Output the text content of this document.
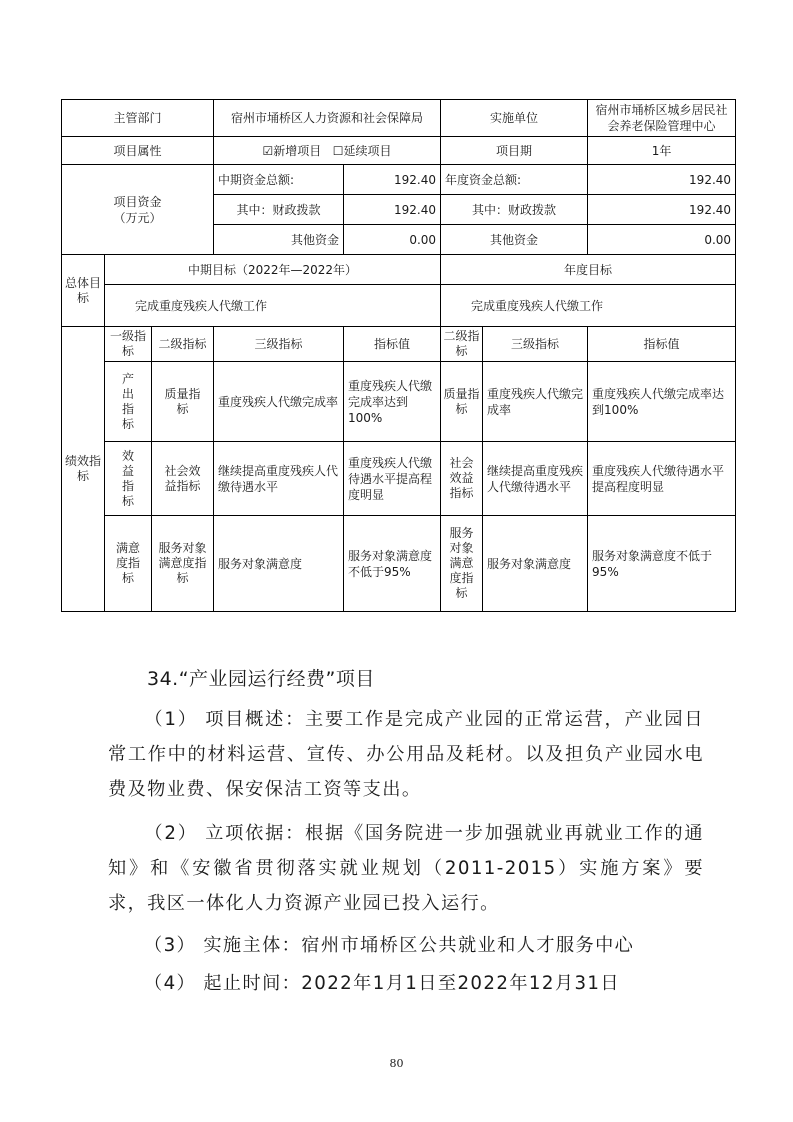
主管部门			宿州市埇桥区人力资源和社会保障局		实施单位		宿州市埇桥区城乡居民社会养老保险管理中心
项目属性			☑新增项目 ☐延续项目		项目期		1年
项目资金（万元）			中期资金总额:	192.40	年度资金总额:		192.40
			其中：财政拨款	192.40	其中：财政拨款		192.40
			其他资金	0.00	其他资金		0.00
总体目标	中期目标（2022年—2022年）				年度目标		
	完成重度残疾人代缴工作				完成重度残疾人代缴工作		
绩效指标	一级指标	二级指标	三级指标	指标值	二级指标	三级指标	指标值
	产出指标	质量指标	重度残疾人代缴完成率	重度残疾人代缴完成率达到100%	质量指标	重度残疾人代缴完成率	重度残疾人代缴完成率达到100%
	效益指标	社会效益指标	继续提高重度残疾人代缴待遇水平	重度残疾人代缴待遇水平提高程度明显	社会效益指标	继续提高重度残疾人代缴待遇水平	重度残疾人代缴待遇水平提高程度明显
	满意度指标	服务对象满意度指标	服务对象满意度	服务对象满意度不低于95%	服务对象满意度指标	服务对象满意度	服务对象满意度不低于95%
34.“产业园运行经费”项目
（1） 项目概述：主要工作是完成产业园的正常运营，产业园日常工作中的材料运营、宣传、办公用品及耗材。以及担负产业园水电费及物业费、保安保洁工资等支出。
（2） 立项依据：根据《国务院进一步加强就业再就业工作的通知》和《安徽省贯彻落实就业规划（2011-2015）实施方案》要求，我区一体化人力资源产业园已投入运行。
（3） 实施主体：宿州市埇桥区公共就业和人才服务中心
（4） 起止时间：2022年1月1日至2022年12月31日
80
